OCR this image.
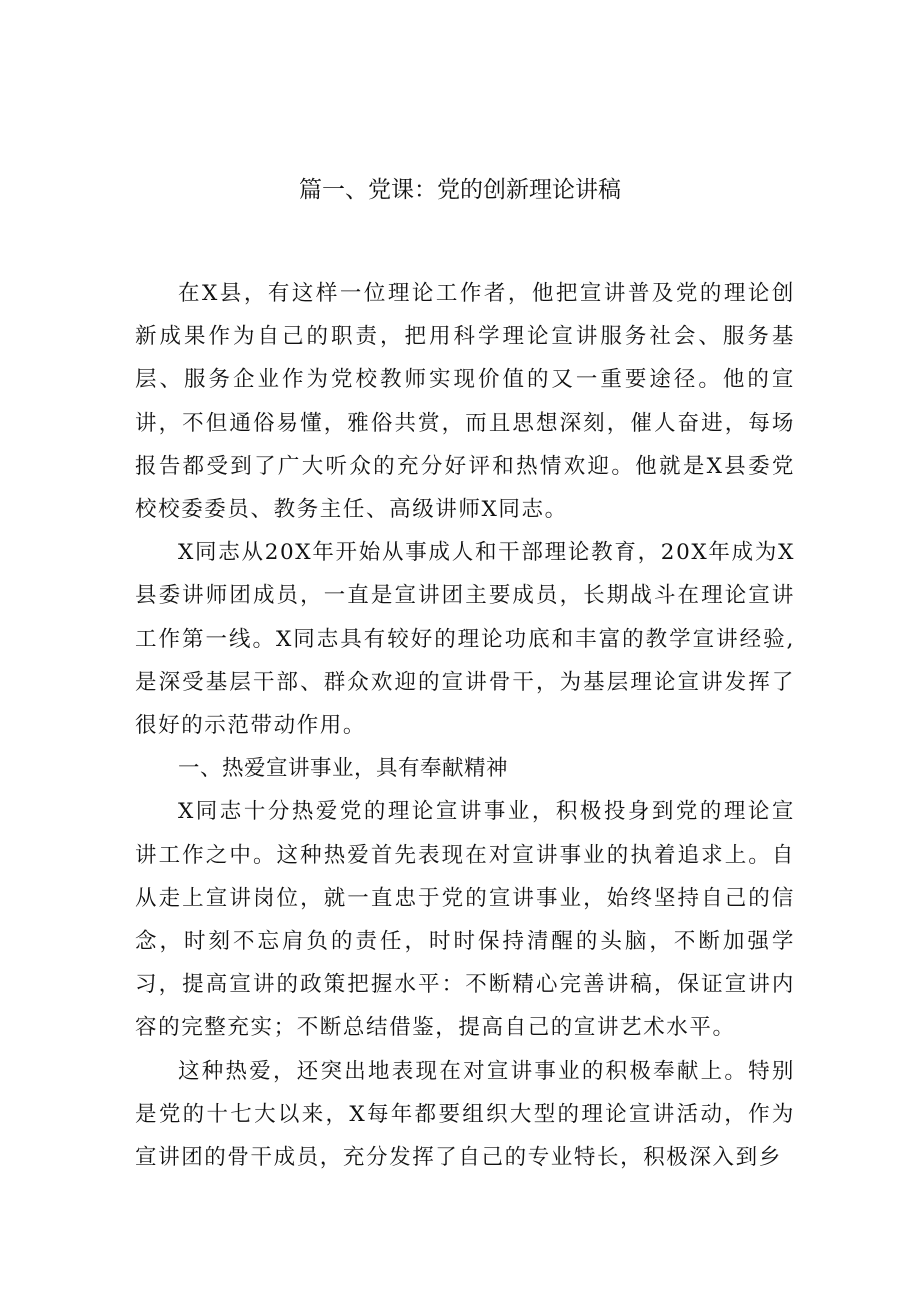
篇一、党课：党的创新理论讲稿

在X县，有这样一位理论工作者，他把宣讲普及党的理论创新成果作为自己的职责，把用科学理论宣讲服务社会、服务基层、服务企业作为党校教师实现价值的又一重要途径。他的宣讲，不但通俗易懂，雅俗共赏，而且思想深刻，催人奋进，每场报告都受到了广大听众的充分好评和热情欢迎。他就是X县委党校校委委员、教务主任、高级讲师X同志。

X同志从20X年开始从事成人和干部理论教育，20X年成为X县委讲师团成员，一直是宣讲团主要成员，长期战斗在理论宣讲工作第一线。X同志具有较好的理论功底和丰富的教学宣讲经验,是深受基层干部、群众欢迎的宣讲骨干，为基层理论宣讲发挥了很好的示范带动作用。

一、热爱宣讲事业，具有奉献精神

X同志十分热爱党的理论宣讲事业，积极投身到党的理论宣讲工作之中。这种热爱首先表现在对宣讲事业的执着追求上。自从走上宣讲岗位，就一直忠于党的宣讲事业，始终坚持自己的信念，时刻不忘肩负的责任，时时保持清醒的头脑，不断加强学习，提高宣讲的政策把握水平：不断精心完善讲稿，保证宣讲内容的完整充实；不断总结借鉴，提高自己的宣讲艺术水平。

这种热爱，还突出地表现在对宣讲事业的积极奉献上。特别是党的十七大以来，X每年都要组织大型的理论宣讲活动，作为宣讲团的骨干成员，充分发挥了自己的专业特长，积极深入到乡
